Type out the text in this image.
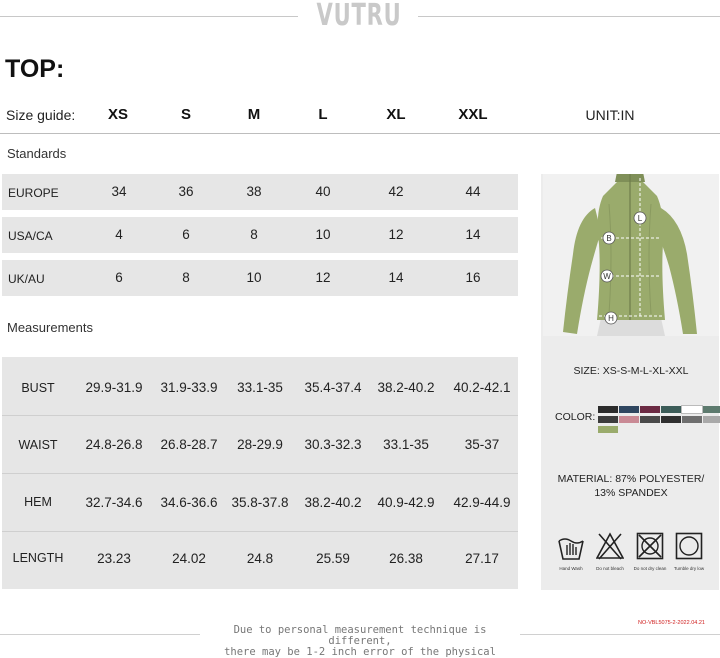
VUTRU
TOP:
Size guide:	XS	S	M	L	XL	XXL	UNIT:IN
Standards
EUROPE	34	36	38	40	42	44
USA/CA	4	6	8	10	12	14
UK/AU	6	8	10	12	14	16
Measurements
BUST	29.9-31.9	31.9-33.9	33.1-35	35.4-37.4	38.2-40.2	40.2-42.1
WAIST	24.8-26.8	26.8-28.7	28-29.9	30.3-32.3	33.1-35	35-37
HEM	32.7-34.6	34.6-36.6	35.8-37.8	38.2-40.2	40.9-42.9	42.9-44.9
LENGTH	23.23	24.02	24.8	25.59	26.38	27.17
L
B
W
H
SIZE: XS-S-M-L-XL-XXL
COLOR:
MATERIAL: 87% POLYESTER/
13% SPANDEX
Hand Wash	Do not bleach	Do not dry clean	Tumble dry low
NO-VBL5075-2-2022.04.21
Due to personal measurement technique is different,
there may be 1-2 inch error of the physical
